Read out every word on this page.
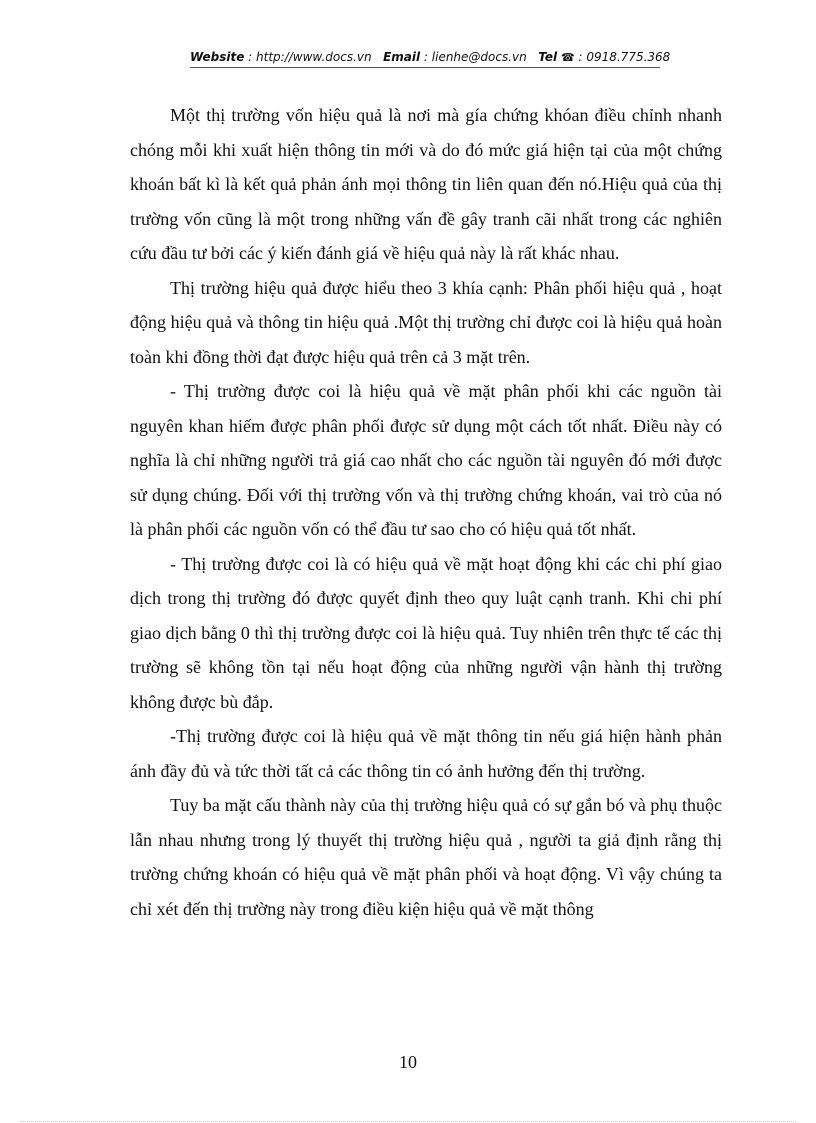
Website : http://www.docs.vn Email : lienhe@docs.vn Tel ☎ : 0918.775.368

Một thị trường vốn hiệu quả là nơi mà gía chứng khóan điều chỉnh nhanh chóng mỗi khi xuất hiện thông tin mới và do đó mức giá hiện tại của một chứng khoán bất kì là kết quả phản ánh mọi thông tin liên quan đến nó.Hiệu quả của thị trường vốn cũng là một trong những vấn đề gây tranh cãi nhất trong các nghiên cứu đầu tư bởi các ý kiến đánh giá về hiệu quả này là rất khác nhau.

Thị trường hiệu quả được hiểu theo 3 khía cạnh: Phân phối hiệu quả , hoạt động hiệu quả và thông tin hiệu quả .Một thị trường chỉ được coi là hiệu quả hoàn toàn khi đồng thời đạt được hiệu quả trên cả 3 mặt trên.

- Thị trường được coi là hiệu quả về mặt phân phối khi các nguồn tài nguyên khan hiếm được phân phối được sử dụng một cách tốt nhất. Điều này có nghĩa là chỉ những người trả giá cao nhất cho các nguồn tài nguyên đó mới được sử dụng chúng. Đối với thị trường vốn và thị trường chứng khoán, vai trò của nó là phân phối các nguồn vốn có thể đầu tư sao cho có hiệu quả tốt nhất.

- Thị trường được coi là có hiệu quả về mặt hoạt động khi các chi phí giao dịch trong thị trường đó được quyết định theo quy luật cạnh tranh. Khi chi phí giao dịch bằng 0 thì thị trường được coi là hiệu quả. Tuy nhiên trên thực tế các thị trường sẽ không tồn tại nếu hoạt động của những người vận hành thị trường không được bù đắp.

-Thị trường được coi là hiệu quả về mặt thông tin nếu giá hiện hành phản ánh đầy đủ và tức thời tất cả các thông tin có ảnh hưởng đến thị trường.

Tuy ba mặt cấu thành này của thị trường hiệu quả có sự gắn bó và phụ thuộc lẫn nhau nhưng trong lý thuyết thị trường hiệu quả , người ta giả định rằng thị trường chứng khoán có hiệu quả về mặt phân phối và hoạt động. Vì vậy chúng ta chỉ xét đến thị trường này trong điều kiện hiệu quả về mặt thông

10
